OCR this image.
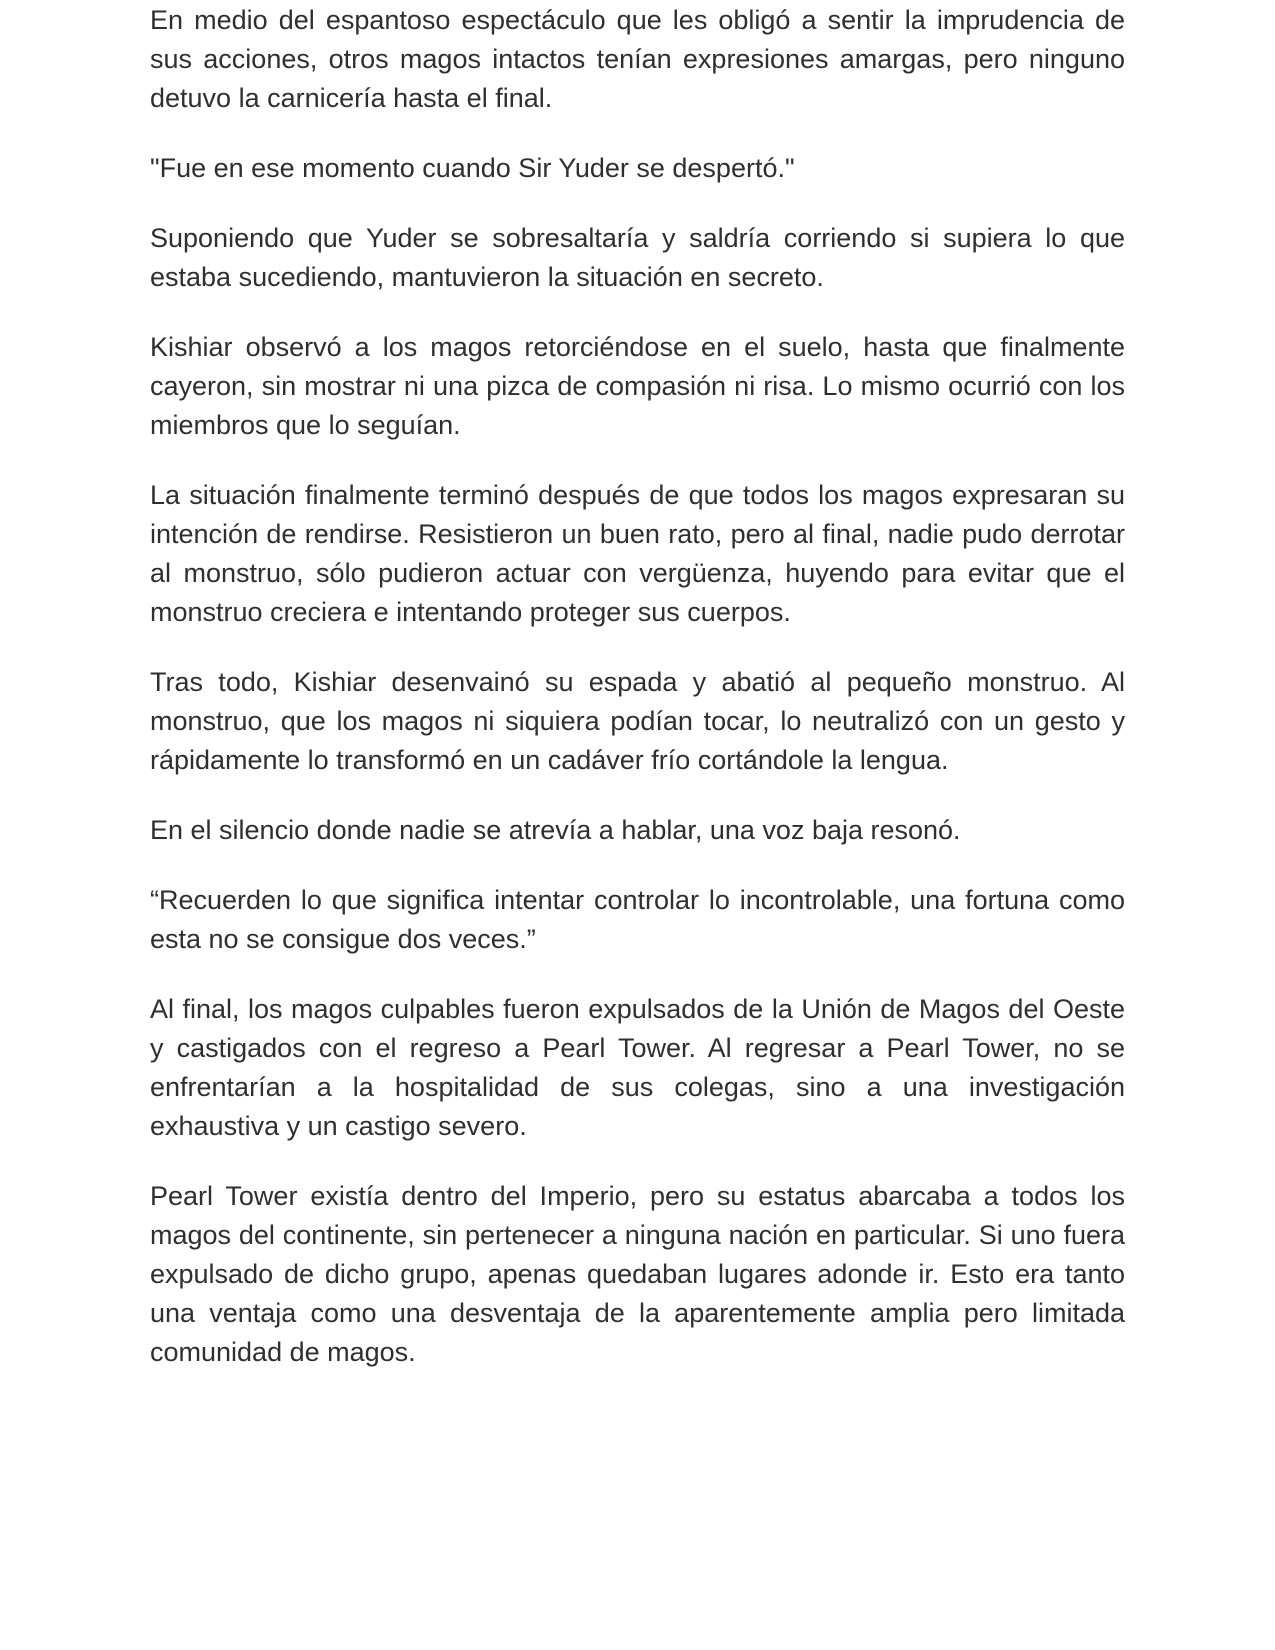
En medio del espantoso espectáculo que les obligó a sentir la imprudencia de sus acciones, otros magos intactos tenían expresiones amargas, pero ninguno detuvo la carnicería hasta el final.

"Fue en ese momento cuando Sir Yuder se despertó."

Suponiendo que Yuder se sobresaltaría y saldría corriendo si supiera lo que estaba sucediendo, mantuvieron la situación en secreto.

Kishiar observó a los magos retorciéndose en el suelo, hasta que finalmente cayeron, sin mostrar ni una pizca de compasión ni risa. Lo mismo ocurrió con los miembros que lo seguían.

La situación finalmente terminó después de que todos los magos expresaran su intención de rendirse. Resistieron un buen rato, pero al final, nadie pudo derrotar al monstruo, sólo pudieron actuar con vergüenza, huyendo para evitar que el monstruo creciera e intentando proteger sus cuerpos.

Tras todo, Kishiar desenvainó su espada y abatió al pequeño monstruo. Al monstruo, que los magos ni siquiera podían tocar, lo neutralizó con un gesto y rápidamente lo transformó en un cadáver frío cortándole la lengua.

En el silencio donde nadie se atrevía a hablar, una voz baja resonó.

“Recuerden lo que significa intentar controlar lo incontrolable, una fortuna como esta no se consigue dos veces.”

Al final, los magos culpables fueron expulsados de la Unión de Magos del Oeste y castigados con el regreso a Pearl Tower. Al regresar a Pearl Tower, no se enfrentarían a la hospitalidad de sus colegas, sino a una investigación exhaustiva y un castigo severo.

Pearl Tower existía dentro del Imperio, pero su estatus abarcaba a todos los magos del continente, sin pertenecer a ninguna nación en particular. Si uno fuera expulsado de dicho grupo, apenas quedaban lugares adonde ir. Esto era tanto una ventaja como una desventaja de la aparentemente amplia pero limitada comunidad de magos.
